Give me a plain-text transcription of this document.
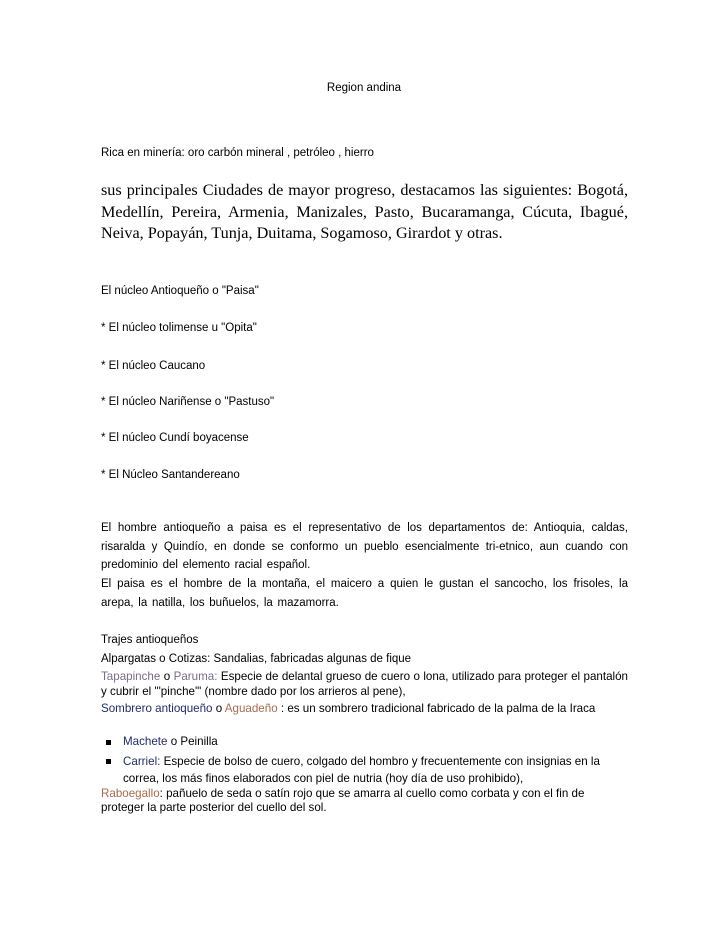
Region andina
Rica en minería: oro carbón mineral , petróleo , hierro
sus principales Ciudades de mayor progreso, destacamos las siguientes: Bogotá, Medellín, Pereira, Armenia, Manizales, Pasto, Bucaramanga, Cúcuta, Ibagué, Neiva, Popayán, Tunja, Duitama, Sogamoso, Girardot y otras.
El núcleo Antioqueño o "Paisa"
* El núcleo tolimense u "Opita"
* El núcleo Caucano
* El núcleo Nariñense o "Pastuso"
* El núcleo Cundí boyacense
* El Núcleo Santandereano
El hombre antioqueño a paisa es el representativo de los departamentos de: Antioquia, caldas, risaralda y Quindío, en donde se conformo un pueblo esencialmente tri-etnico, aun cuando con predominio del elemento racial español.
El paisa es el hombre de la montaña, el maicero a quien le gustan el sancocho, los frisoles, la arepa, la natilla, los buñuelos, la mazamorra.
Trajes antioqueños
Alpargatas o Cotizas: Sandalias, fabricadas algunas de fique
Tapapinche o Paruma: Especie de delantal grueso de cuero o lona, utilizado para proteger el pantalón y cubrir el "'pinche'" (nombre dado por los arrieros al pene),
Sombrero antioqueño o Aguadeño : es un sombrero tradicional fabricado de la palma de la Iraca
Machete o Peinilla
Carriel: Especie de bolso de cuero, colgado del hombro y frecuentemente con insignias en la correa, los más finos elaborados con piel de nutria (hoy día de uso prohibido),
Raboegallo: pañuelo de seda o satín rojo que se amarra al cuello como corbata y con el fin de proteger la parte posterior del cuello del sol.
